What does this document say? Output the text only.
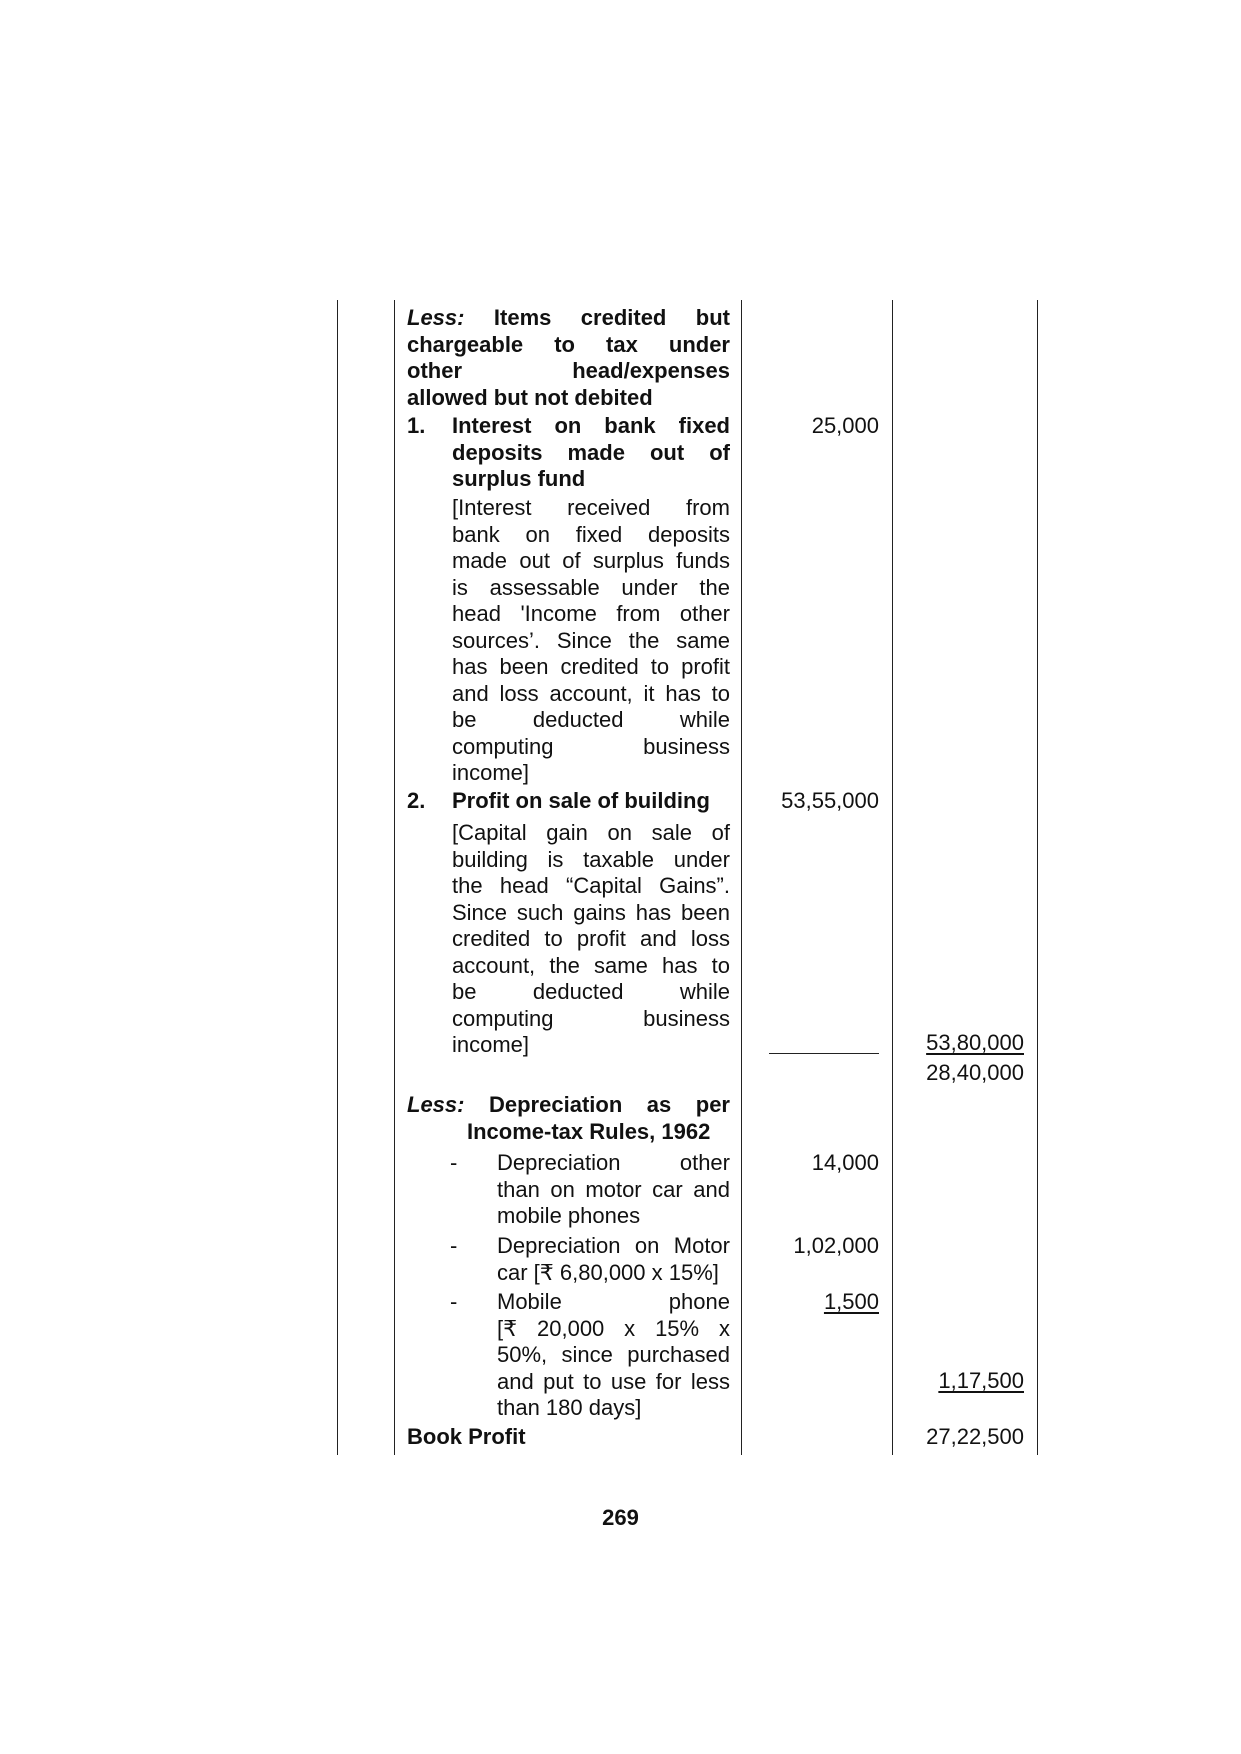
Less: Items credited but
chargeable to tax under
other head/expenses
allowed but not debited
1. Interest on bank fixed
deposits made out of
surplus fund
[Interest received from
bank on fixed deposits
made out of surplus funds
is assessable under the
head 'Income from other
sources’. Since the same
has been credited to profit
and loss account, it has to
be deducted while
computing business
income]
25,000
2. Profit on sale of building
[Capital gain on sale of
building is taxable under
the head “Capital Gains”.
Since such gains has been
credited to profit and loss
account, the same has to
be deducted while
computing business
income]
53,55,000
53,80,000
28,40,000
Less: Depreciation as per
Income-tax Rules, 1962
- Depreciation other
than on motor car and
mobile phones
14,000
- Depreciation on Motor
car [₹ 6,80,000 x 15%]
1,02,000
- Mobile phone
[₹ 20,000 x 15% x
50%, since purchased
and put to use for less
than 180 days]
1,500
1,17,500
Book Profit	27,22,500
269
